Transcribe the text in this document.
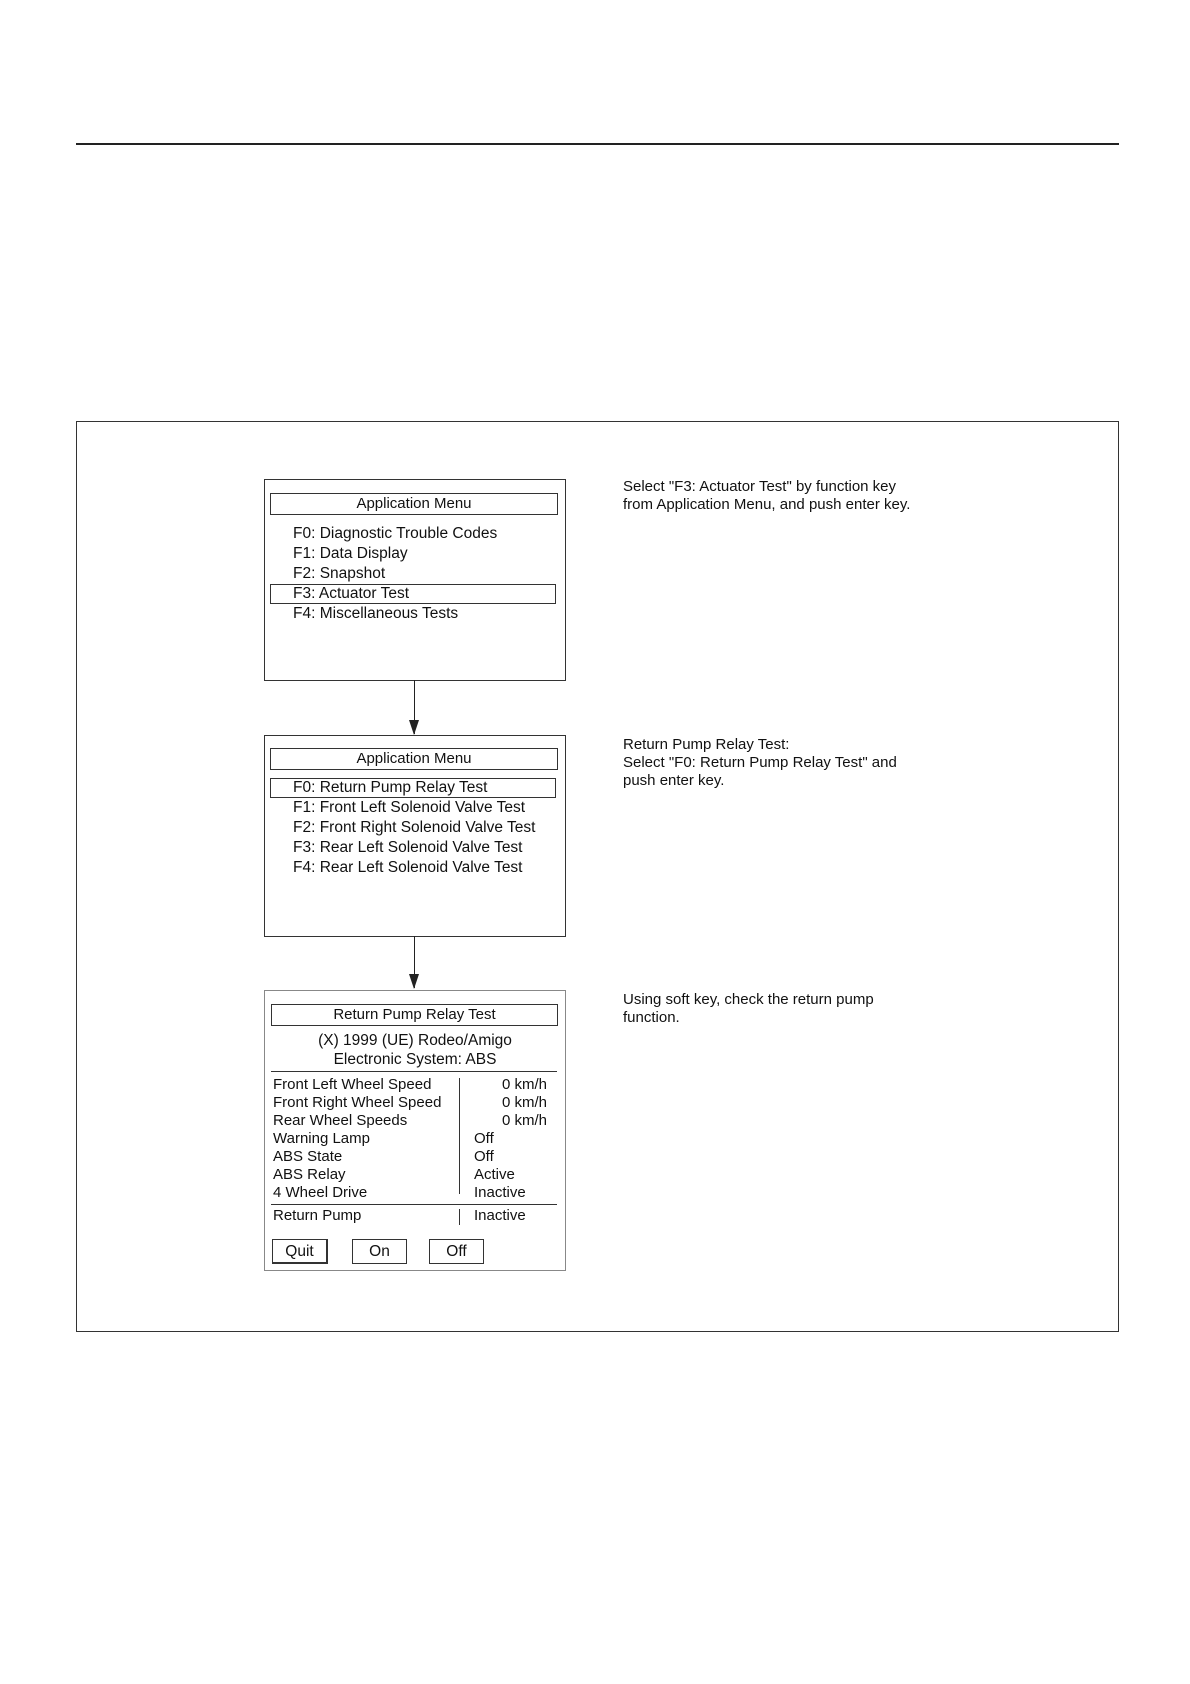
Application Menu
F0: Diagnostic Trouble Codes
F1: Data Display
F2: Snapshot
F3: Actuator Test
F4: Miscellaneous Tests
Application Menu
F0: Return Pump Relay Test
F1: Front Left Solenoid Valve Test
F2: Front Right Solenoid Valve Test
F3: Rear Left Solenoid Valve Test
F4: Rear Left Solenoid Valve Test
Return Pump Relay Test
(X) 1999 (UE) Rodeo/Amigo
Electronic System: ABS
Front Left Wheel Speed	0 km/h
Front Right Wheel Speed	0 km/h
Rear Wheel Speeds	0 km/h
Warning Lamp	Off
ABS State	Off
ABS Relay	Active
4 Wheel Drive	Inactive
Return Pump	Inactive
Quit	On	Off
Select "F3: Actuator Test" by function key
from Application Menu, and push enter key.
Return Pump Relay Test:
Select "F0: Return Pump Relay Test" and
push enter key.
Using soft key, check the return pump
function.
